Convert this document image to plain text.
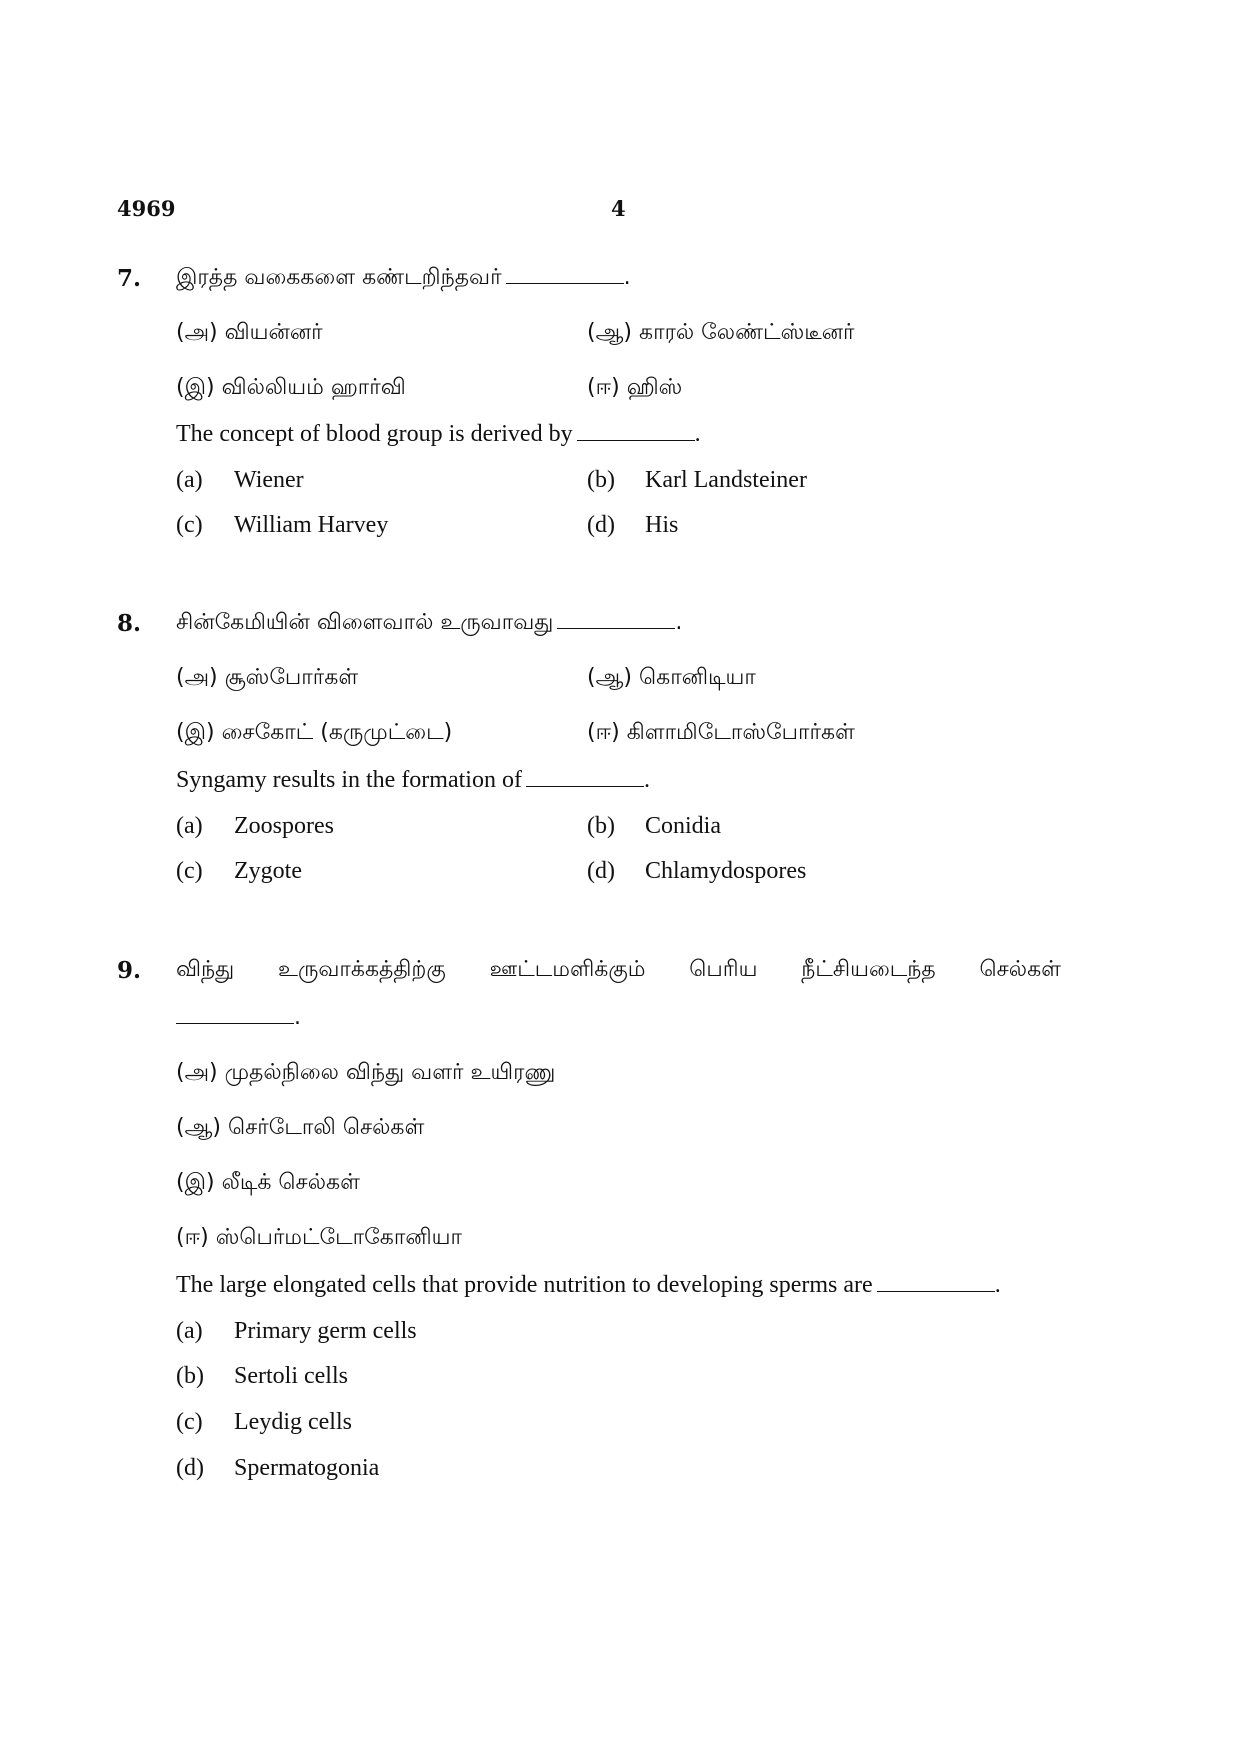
4969	4
7. இரத்த வகைகளை கண்டறிந்தவர்	.
(அ) வியன்னர்	(ஆ) காரல் லேண்ட்ஸ்டீனர்
(இ) வில்லியம் ஹார்வி	(ஈ) ஹிஸ்
The concept of blood group is derived by	.
(a) Wiener	(b) Karl Landsteiner
(c) William Harvey	(d) His
8. சின்கேமியின் விளைவால் உருவாவது	.
(அ) சூஸ்போர்கள்	(ஆ) கொனிடியா
(இ) சைகோட் (கருமுட்டை)	(ஈ) கிளாமிடோஸ்போர்கள்
Syngamy results in the formation of	.
(a) Zoospores	(b) Conidia
(c) Zygote	(d) Chlamydospores
9. விந்து உருவாக்கத்திற்கு ஊட்டமளிக்கும் பெரிய நீட்சியடைந்த செல்கள்
.
(அ) முதல்நிலை விந்து வளர் உயிரணு
(ஆ) செர்டோலி செல்கள்
(இ) லீடிக் செல்கள்
(ஈ) ஸ்பெர்மட்டோகோனியா
The large elongated cells that provide nutrition to developing sperms are	.
(a) Primary germ cells
(b) Sertoli cells
(c) Leydig cells
(d) Spermatogonia
